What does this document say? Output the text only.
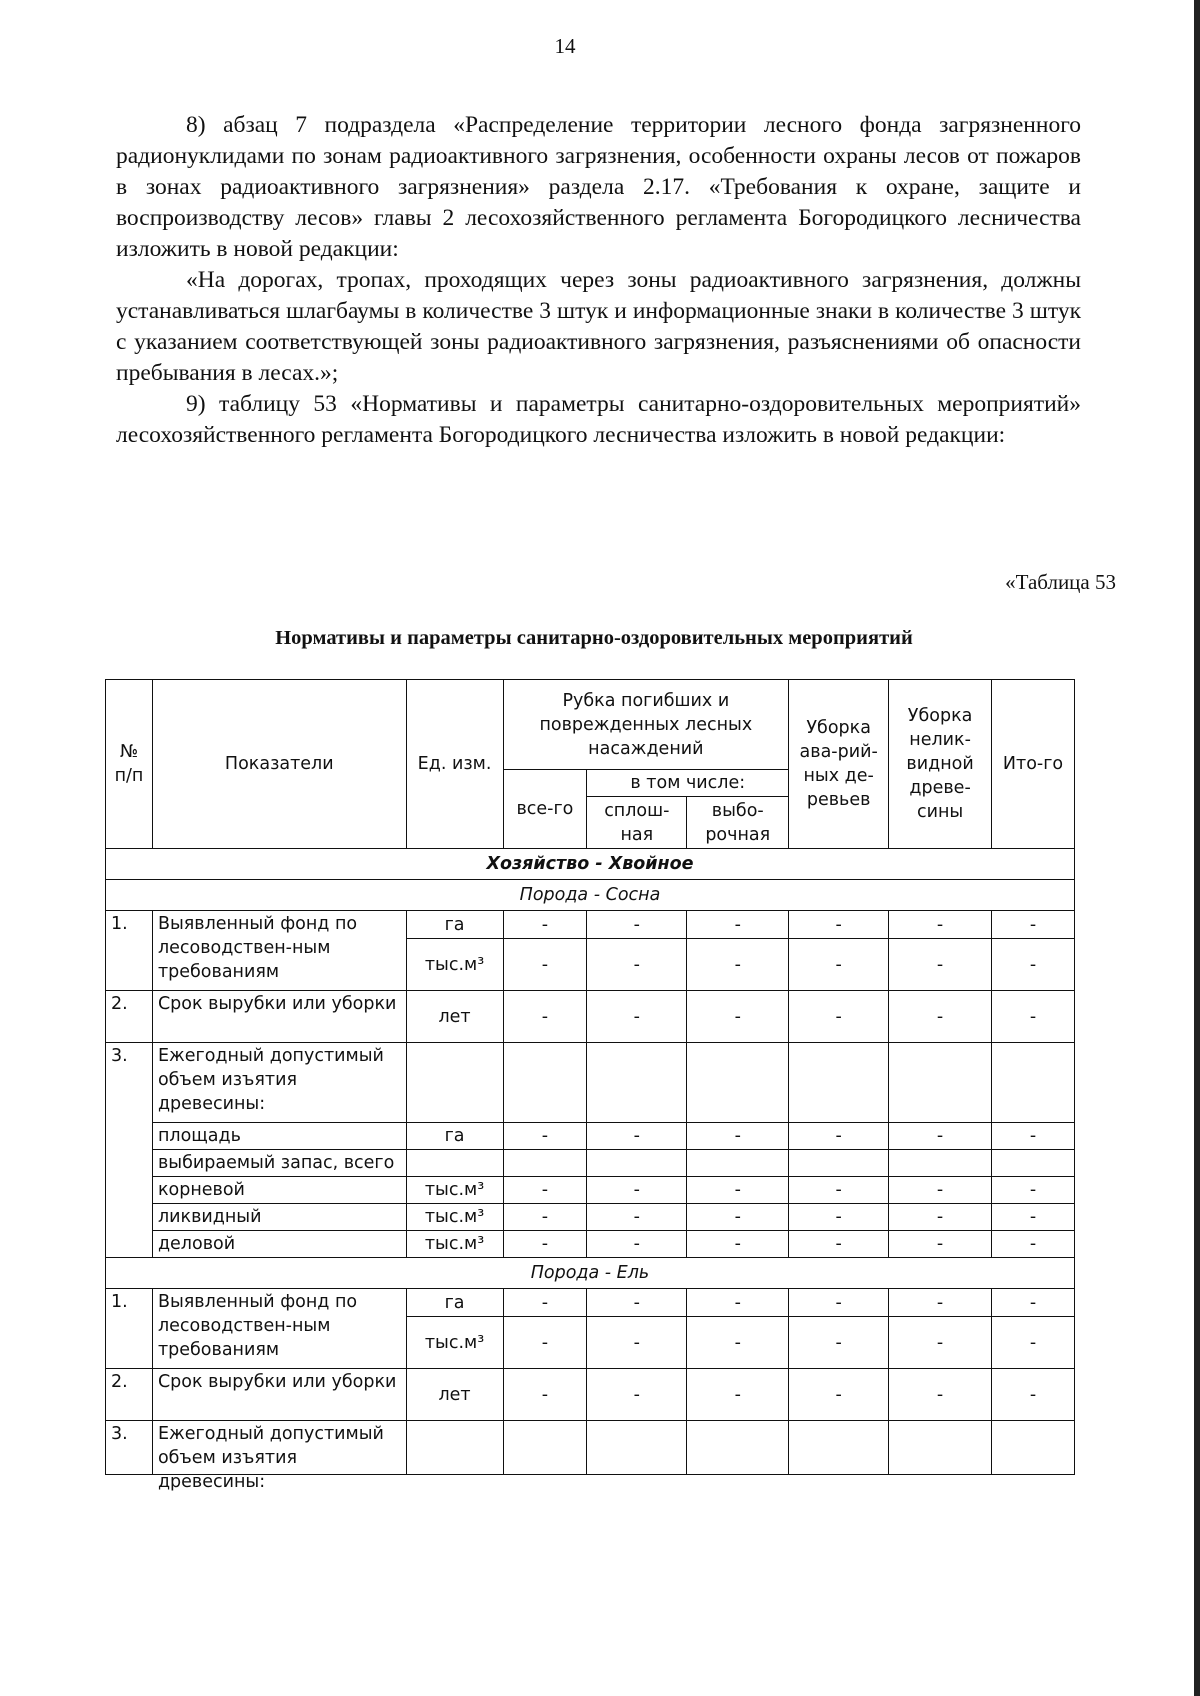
14

8) абзац 7 подраздела «Распределение территории лесного фонда загрязненного радионуклидами по зонам радиоактивного загрязнения, особенности охраны лесов от пожаров в зонах радиоактивного загрязнения» раздела 2.17. «Требования к охране, защите и воспроизводству лесов» главы 2 лесохозяйственного регламента Богородицкого лесничества изложить в новой редакции:

«На дорогах, тропах, проходящих через зоны радиоактивного загрязнения, должны устанавливаться шлагбаумы в количестве 3 штук и информационные знаки в количестве 3 штук с указанием соответствующей зоны радиоактивного загрязнения, разъяснениями об опасности пребывания в лесах.»;

9) таблицу 53 «Нормативы и параметры санитарно-оздоровительных мероприятий» лесохозяйственного регламента Богородицкого лесничества изложить в новой редакции:

«Таблица 53
Нормативы и параметры санитарно-оздоровительных мероприятий
№ п/п	Показатели	Ед. изм.	Рубка погибших и поврежденных лесных насаждений			Уборка ава-рий-ных де-ревьев	Уборка нелик-видной древе-сины	Ито-го
			все-го	в том числе:				
				сплош-ная	выбо-рочная			
Хозяйство - Хвойное								
Порода - Сосна								
1.	Выявленный фонд по лесоводствен-ным требованиям	га	-	-	-	-	-	-
		тыс.м³	-	-	-	-	-	-
2.	Срок вырубки или уборки	лет	-	-	-	-	-	-
3.	Ежегодный допустимый объем изъятия древесины:							
	площадь	га	-	-	-	-	-	-
	выбираемый запас, всего							
	корневой	тыс.м³	-	-	-	-	-	-
	ликвидный	тыс.м³	-	-	-	-	-	-
	деловой	тыс.м³	-	-	-	-	-	-
Порода - Ель								
1.	Выявленный фонд по лесоводствен-ным требованиям	га	-	-	-	-	-	-
		тыс.м³	-	-	-	-	-	-
2.	Срок вырубки или уборки	лет	-	-	-	-	-	-
3.	Ежегодный допустимый объем изъятия древесины:							
